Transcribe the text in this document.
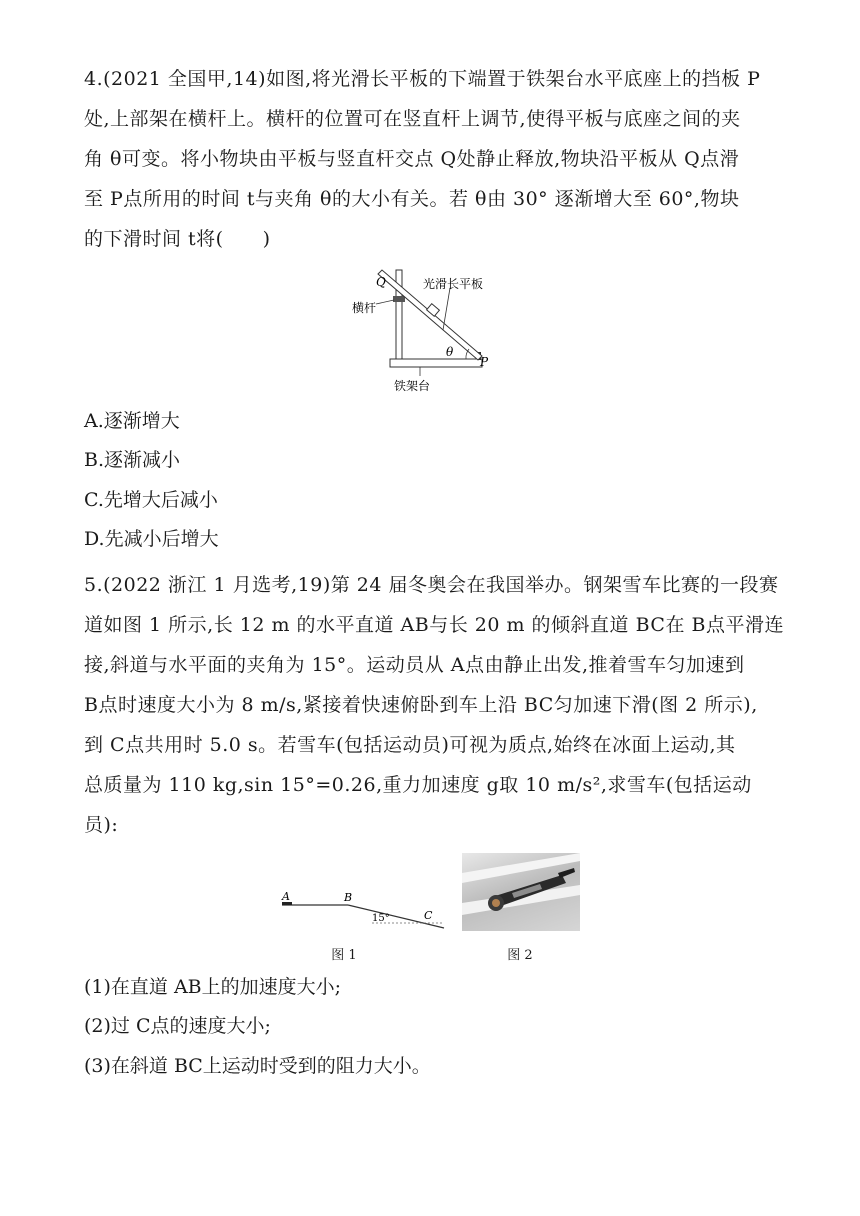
4.(2021 全国甲,14)如图,将光滑长平板的下端置于铁架台水平底座上的挡板 P
处,上部架在横杆上。横杆的位置可在竖直杆上调节,使得平板与底座之间的夹
角 θ可变。将小物块由平板与竖直杆交点 Q处静止释放,物块沿平板从 Q点滑
至 P点所用的时间 t与夹角 θ的大小有关。若 θ由 30° 逐渐增大至 60°,物块
的下滑时间 t将(　　)
Q	光滑长平板
横杆
θ
P
铁架台
A.逐渐增大
B.逐渐减小
C.先增大后减小
D.先减小后增大
5.(2022 浙江 1 月选考,19)第 24 届冬奥会在我国举办。钢架雪车比赛的一段赛
道如图 1 所示,长 12 m 的水平直道 AB与长 20 m 的倾斜直道 BC在 B点平滑连
接,斜道与水平面的夹角为 15°。运动员从 A点由静止出发,推着雪车匀加速到
B点时速度大小为 8 m/s,紧接着快速俯卧到车上沿 BC匀加速下滑(图 2 所示),
到 C点共用时 5.0 s。若雪车(包括运动员)可视为质点,始终在冰面上运动,其
总质量为 110 kg,sin 15°=0.26,重力加速度 g取 10 m/s²,求雪车(包括运动
员):
A	B
15°	C
图 1	图 2
(1)在直道 AB上的加速度大小;
(2)过 C点的速度大小;
(3)在斜道 BC上运动时受到的阻力大小。
